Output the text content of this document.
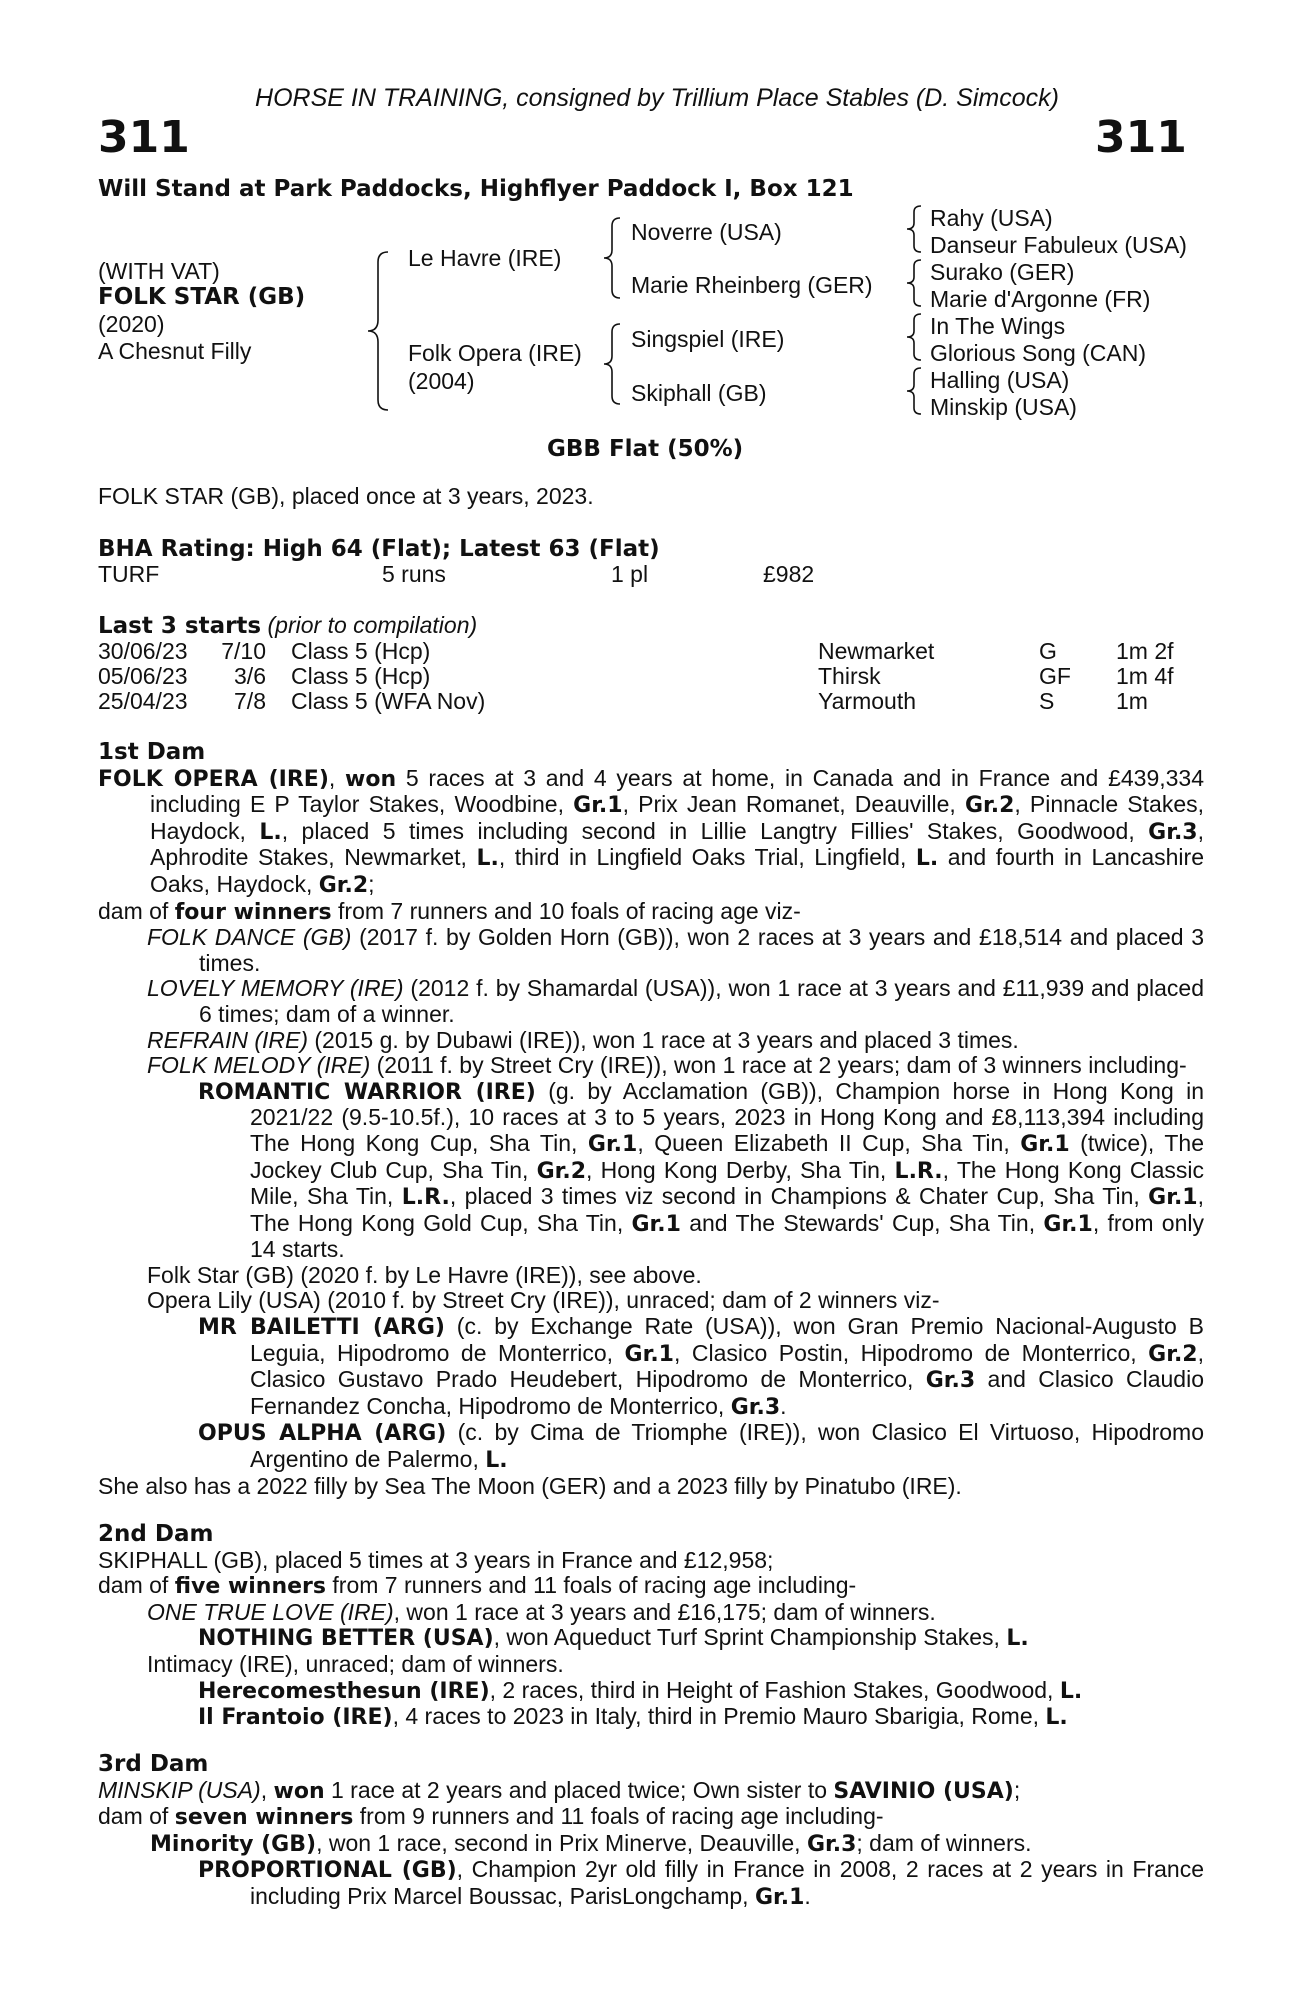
HORSE IN TRAINING, consigned by Trillium Place Stables (D. Simcock)
311	311
Will Stand at Park Paddocks, Highflyer Paddock I, Box 121
(WITH VAT)
FOLK STAR (GB)
(2020)
A Chesnut Filly
Le Havre (IRE)
Folk Opera (IRE)
(2004)
Noverre (USA)
Marie Rheinberg (GER)
Singspiel (IRE)
Skiphall (GB)
Rahy (USA)
Danseur Fabuleux (USA)
Surako (GER)
Marie d'Argonne (FR)
In The Wings
Glorious Song (CAN)
Halling (USA)
Minskip (USA)
GBB Flat (50%)
FOLK STAR (GB), placed once at 3 years, 2023.
BHA Rating: High 64 (Flat); Latest 63 (Flat)
TURF	5 runs	1 pl	£982
Last 3 starts (prior to compilation)
30/06/23	7/10 Class 5 (Hcp)	Newmarket	G	1m 2f
05/06/23	3/6 Class 5 (Hcp)	Thirsk	GF 1m 4f
25/04/23	7/8 Class 5 (WFA Nov)	Yarmouth	S	1m

1st Dam

FOLK OPERA (IRE), won 5 races at 3 and 4 years at home, in Canada and in France and £439,334 including E P Taylor Stakes, Woodbine, Gr.1, Prix Jean Romanet, Deauville, Gr.2, Pinnacle Stakes, Haydock, L., placed 5 times including second in Lillie Langtry Fillies' Stakes, Goodwood, Gr.3, Aphrodite Stakes, Newmarket, L., third in Lingfield Oaks Trial, Lingfield, L. and fourth in Lancashire Oaks, Haydock, Gr.2;

dam of four winners from 7 runners and 10 foals of racing age viz-

FOLK DANCE (GB) (2017 f. by Golden Horn (GB)), won 2 races at 3 years and £18,514 and placed 3 times.

LOVELY MEMORY (IRE) (2012 f. by Shamardal (USA)), won 1 race at 3 years and £11,939 and placed 6 times; dam of a winner.

REFRAIN (IRE) (2015 g. by Dubawi (IRE)), won 1 race at 3 years and placed 3 times.

FOLK MELODY (IRE) (2011 f. by Street Cry (IRE)), won 1 race at 2 years; dam of 3 winners including-

ROMANTIC WARRIOR (IRE) (g. by Acclamation (GB)), Champion horse in Hong Kong in 2021/22 (9.5-10.5f.), 10 races at 3 to 5 years, 2023 in Hong Kong and £8,113,394 including The Hong Kong Cup, Sha Tin, Gr.1, Queen Elizabeth II Cup, Sha Tin, Gr.1 (twice), The Jockey Club Cup, Sha Tin, Gr.2, Hong Kong Derby, Sha Tin, L.R., The Hong Kong Classic Mile, Sha Tin, L.R., placed 3 times viz second in Champions & Chater Cup, Sha Tin, Gr.1, The Hong Kong Gold Cup, Sha Tin, Gr.1 and The Stewards' Cup, Sha Tin, Gr.1, from only 14 starts.

Folk Star (GB) (2020 f. by Le Havre (IRE)), see above.

Opera Lily (USA) (2010 f. by Street Cry (IRE)), unraced; dam of 2 winners viz-

MR BAILETTI (ARG) (c. by Exchange Rate (USA)), won Gran Premio Nacional-Augusto B Leguia, Hipodromo de Monterrico, Gr.1, Clasico Postin, Hipodromo de Monterrico, Gr.2, Clasico Gustavo Prado Heudebert, Hipodromo de Monterrico, Gr.3 and Clasico Claudio Fernandez Concha, Hipodromo de Monterrico, Gr.3.

OPUS ALPHA (ARG) (c. by Cima de Triomphe (IRE)), won Clasico El Virtuoso, Hipodromo Argentino de Palermo, L.

She also has a 2022 filly by Sea The Moon (GER) and a 2023 filly by Pinatubo (IRE).

2nd Dam

SKIPHALL (GB), placed 5 times at 3 years in France and £12,958;

dam of five winners from 7 runners and 11 foals of racing age including-

ONE TRUE LOVE (IRE), won 1 race at 3 years and £16,175; dam of winners.

NOTHING BETTER (USA), won Aqueduct Turf Sprint Championship Stakes, L.

Intimacy (IRE), unraced; dam of winners.

Herecomesthesun (IRE), 2 races, third in Height of Fashion Stakes, Goodwood, L.

Il Frantoio (IRE), 4 races to 2023 in Italy, third in Premio Mauro Sbarigia, Rome, L.

3rd Dam

MINSKIP (USA), won 1 race at 2 years and placed twice; Own sister to SAVINIO (USA);

dam of seven winners from 9 runners and 11 foals of racing age including-

Minority (GB), won 1 race, second in Prix Minerve, Deauville, Gr.3; dam of winners.

PROPORTIONAL (GB), Champion 2yr old filly in France in 2008, 2 races at 2 years in France including Prix Marcel Boussac, ParisLongchamp, Gr.1.
